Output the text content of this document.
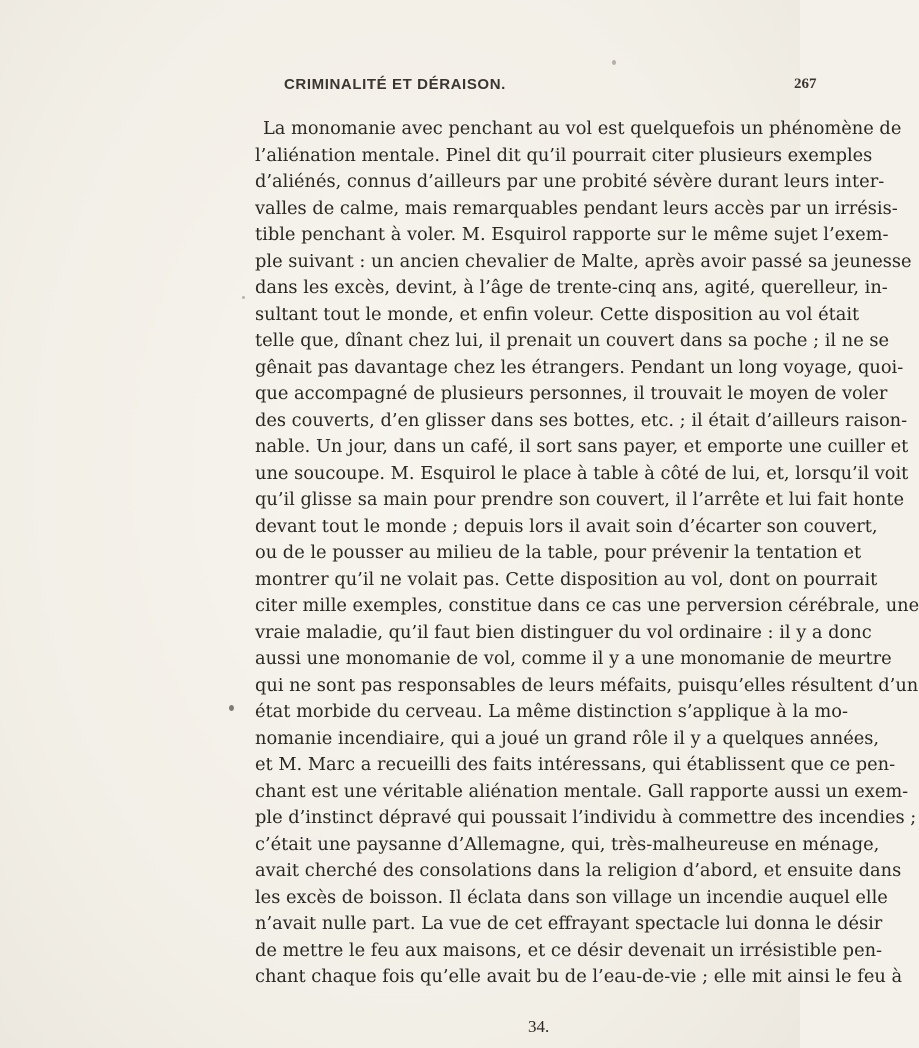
CRIMINALITÉ ET DÉRAISON.	267
La monomanie avec penchant au vol est quelquefois un phénomène de
l’aliénation mentale. Pinel dit qu’il pourrait citer plusieurs exemples
d’aliénés, connus d’ailleurs par une probité sévère durant leurs inter-
valles de calme, mais remarquables pendant leurs accès par un irrésis-
tible penchant à voler. M. Esquirol rapporte sur le même sujet l’exem-
ple suivant : un ancien chevalier de Malte, après avoir passé sa jeunesse
dans les excès, devint, à l’âge de trente-cinq ans, agité, querelleur, in-
sultant tout le monde, et enfin voleur. Cette disposition au vol était
telle que, dînant chez lui, il prenait un couvert dans sa poche ; il ne se
gênait pas davantage chez les étrangers. Pendant un long voyage, quoi-
que accompagné de plusieurs personnes, il trouvait le moyen de voler
des couverts, d’en glisser dans ses bottes, etc. ; il était d’ailleurs raison-
nable. Un jour, dans un café, il sort sans payer, et emporte une cuiller et
une soucoupe. M. Esquirol le place à table à côté de lui, et, lorsqu’il voit
qu’il glisse sa main pour prendre son couvert, il l’arrête et lui fait honte
devant tout le monde ; depuis lors il avait soin d’écarter son couvert,
ou de le pousser au milieu de la table, pour prévenir la tentation et
montrer qu’il ne volait pas. Cette disposition au vol, dont on pourrait
citer mille exemples, constitue dans ce cas une perversion cérébrale, une
vraie maladie, qu’il faut bien distinguer du vol ordinaire : il y a donc
aussi une monomanie de vol, comme il y a une monomanie de meurtre
qui ne sont pas responsables de leurs méfaits, puisqu’elles résultent d’un
état morbide du cerveau. La même distinction s’applique à la mo-
nomanie incendiaire, qui a joué un grand rôle il y a quelques années,
et M. Marc a recueilli des faits intéressans, qui établissent que ce pen-
chant est une véritable aliénation mentale. Gall rapporte aussi un exem-
ple d’instinct dépravé qui poussait l’individu à commettre des incendies ;
c’était une paysanne d’Allemagne, qui, très-malheureuse en ménage,
avait cherché des consolations dans la religion d’abord, et ensuite dans
les excès de boisson. Il éclata dans son village un incendie auquel elle
n’avait nulle part. La vue de cet effrayant spectacle lui donna le désir
de mettre le feu aux maisons, et ce désir devenait un irrésistible pen-
chant chaque fois qu’elle avait bu de l’eau-de-vie ; elle mit ainsi le feu à
34.
